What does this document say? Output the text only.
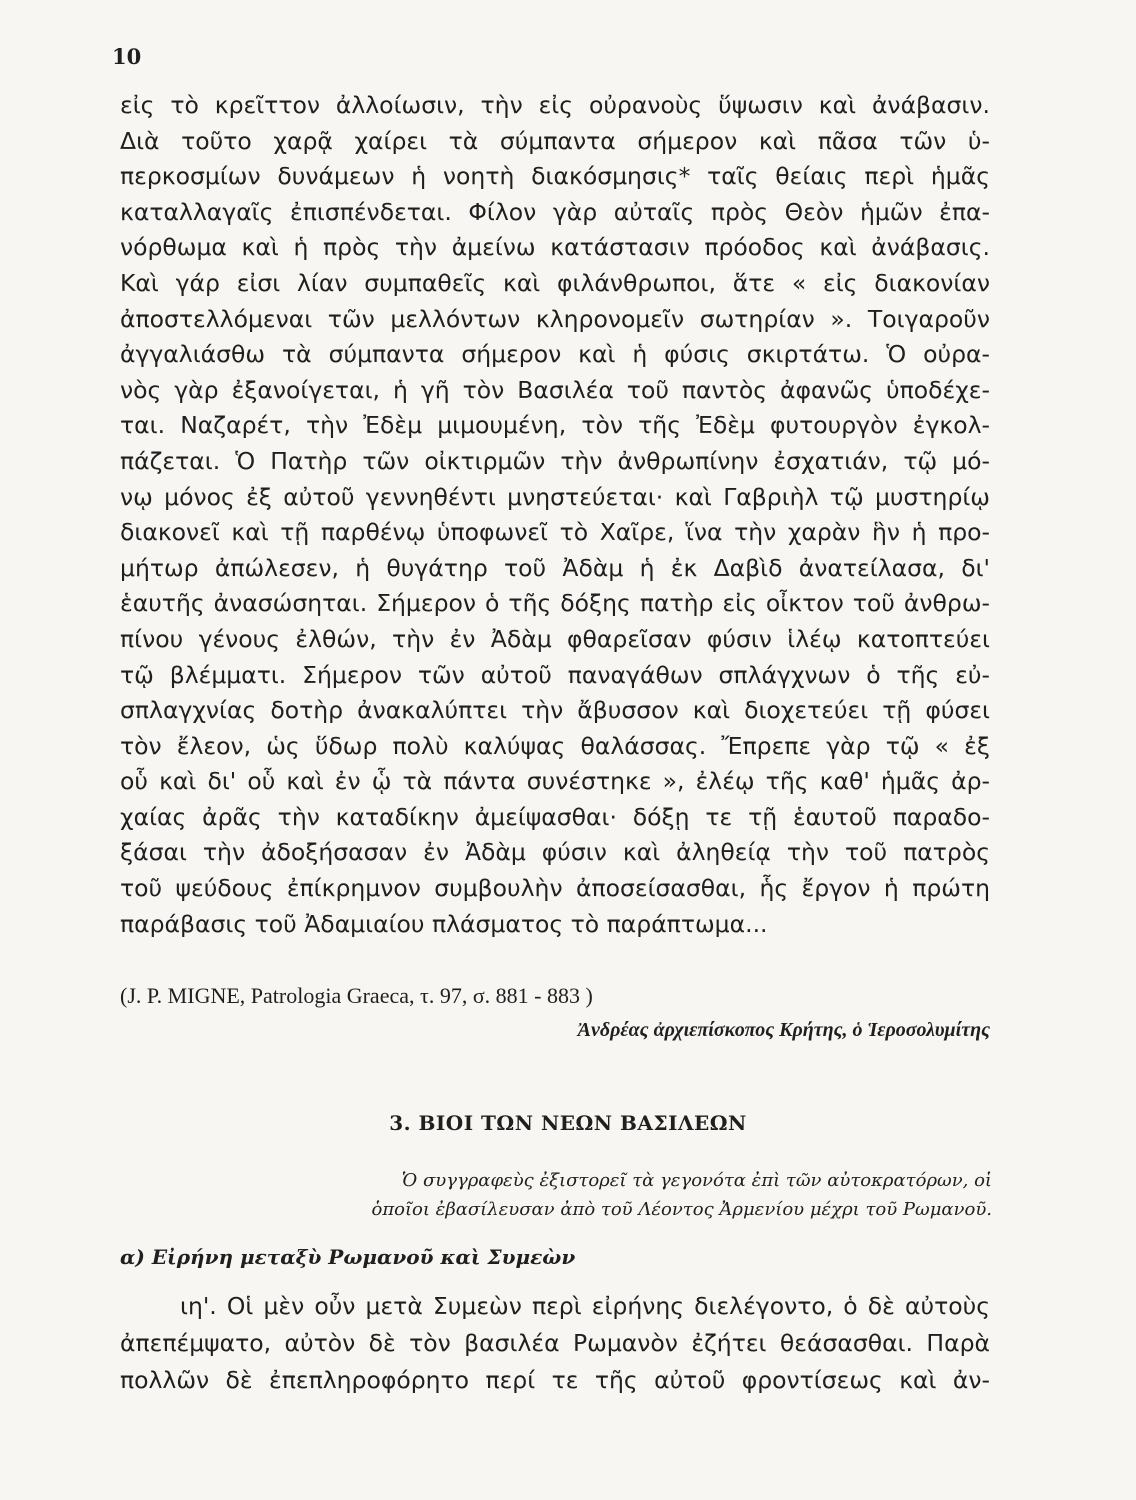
10
εἰς τὸ κρεῖττον ἀλλοίωσιν, τὴν εἰς οὐρανοὺς ὕψωσιν καὶ ἀνάβασιν.
Διὰ τοῦτο χαρᾷ χαίρει τὰ σύμπαντα σήμερον καὶ πᾶσα τῶν ὑ-
περκοσμίων δυνάμεων ἡ νοητὴ διακόσμησις* ταῖς θείαις περὶ ἡμᾶς
καταλλαγαῖς ἐπισπένδεται. Φίλον γὰρ αὐταῖς πρὸς Θεὸν ἡμῶν ἐπα-
νόρθωμα καὶ ἡ πρὸς τὴν ἀμείνω κατάστασιν πρόοδος καὶ ἀνάβασις.
Καὶ γάρ εἰσι λίαν συμπαθεῖς καὶ φιλάνθρωποι, ἅτε « εἰς διακονίαν
ἀποστελλόμεναι τῶν μελλόντων κληρονομεῖν σωτηρίαν ». Τοιγαροῦν
ἀγγαλιάσθω τὰ σύμπαντα σήμερον καὶ ἡ φύσις σκιρτάτω. Ὁ οὐρα-
νὸς γὰρ ἐξανοίγεται, ἡ γῆ τὸν Βασιλέα τοῦ παντὸς ἀφανῶς ὑποδέχε-
ται. Ναζαρέτ, τὴν Ἐδὲμ μιμουμένη, τὸν τῆς Ἐδὲμ φυτουργὸν ἐγκολ-
πάζεται. Ὁ Πατὴρ τῶν οἰκτιρμῶν τὴν ἀνθρωπίνην ἐσχατιάν, τῷ μό-
νῳ μόνος ἐξ αὐτοῦ γεννηθέντι μνηστεύεται· καὶ Γαβριὴλ τῷ μυστηρίῳ
διακονεῖ καὶ τῇ παρθένῳ ὑποφωνεῖ τὸ Χαῖρε, ἵνα τὴν χαρὰν ἣν ἡ προ-
μήτωρ ἀπώλεσεν, ἡ θυγάτηρ τοῦ Ἀδὰμ ἡ ἐκ Δαβὶδ ἀνατείλασα, δι'
ἑαυτῆς ἀνασώσηται. Σήμερον ὁ τῆς δόξης πατὴρ εἰς οἶκτον τοῦ ἀνθρω-
πίνου γένους ἐλθών, τὴν ἐν Ἀδὰμ φθαρεῖσαν φύσιν ἱλέῳ κατοπτεύει
τῷ βλέμματι. Σήμερον τῶν αὐτοῦ παναγάθων σπλάγχνων ὁ τῆς εὐ-
σπλαγχνίας δοτὴρ ἀνακαλύπτει τὴν ἄβυσσον καὶ διοχετεύει τῇ φύσει
τὸν ἔλεον, ὡς ὕδωρ πολὺ καλύψας θαλάσσας. Ἔπρεπε γὰρ τῷ « ἐξ
οὗ καὶ δι' οὗ καὶ ἐν ᾧ τὰ πάντα συνέστηκε », ἐλέῳ τῆς καθ' ἡμᾶς ἀρ-
χαίας ἀρᾶς τὴν καταδίκην ἀμείψασθαι· δόξῃ τε τῇ ἑαυτοῦ παραδο-
ξάσαι τὴν ἀδοξήσασαν ἐν Ἀδὰμ φύσιν καὶ ἀληθείᾳ τὴν τοῦ πατρὸς
τοῦ ψεύδους ἐπίκρημνον συμβουλὴν ἀποσείσασθαι, ἧς ἔργον ἡ πρώτη
παράβασις τοῦ Ἀδαμιαίου πλάσματος τὸ παράπτωμα...
(J. P. MIGNE, Patrologia Graeca, τ. 97, σ. 881 - 883 )
Ἀνδρέας ἀρχιεπίσκοπος Κρήτης, ὁ Ἱεροσολυμίτης
3. ΒΙΟΙ ΤΩΝ ΝΕΩΝ ΒΑΣΙΛΕΩΝ
Ὁ συγγραφεὺς ἐξιστορεῖ τὰ γεγονότα ἐπὶ τῶν αὐτοκρατόρων, οἱ
ὁποῖοι ἐβασίλευσαν ἀπὸ τοῦ Λέοντος Ἀρμενίου μέχρι τοῦ Ρωμανοῦ.
α) Εἰρήνη μεταξὺ Ρωμανοῦ καὶ Συμεὼν
ιη'. Οἱ μὲν οὖν μετὰ Συμεὼν περὶ εἰρήνης διελέγοντο, ὁ δὲ αὐτοὺς
ἀπεπέμψατο, αὐτὸν δὲ τὸν βασιλέα Ρωμανὸν ἐζήτει θεάσασθαι. Παρὰ
πολλῶν δὲ ἐπεπληροφόρητο περί τε τῆς αὐτοῦ φροντίσεως καὶ ἀν-
